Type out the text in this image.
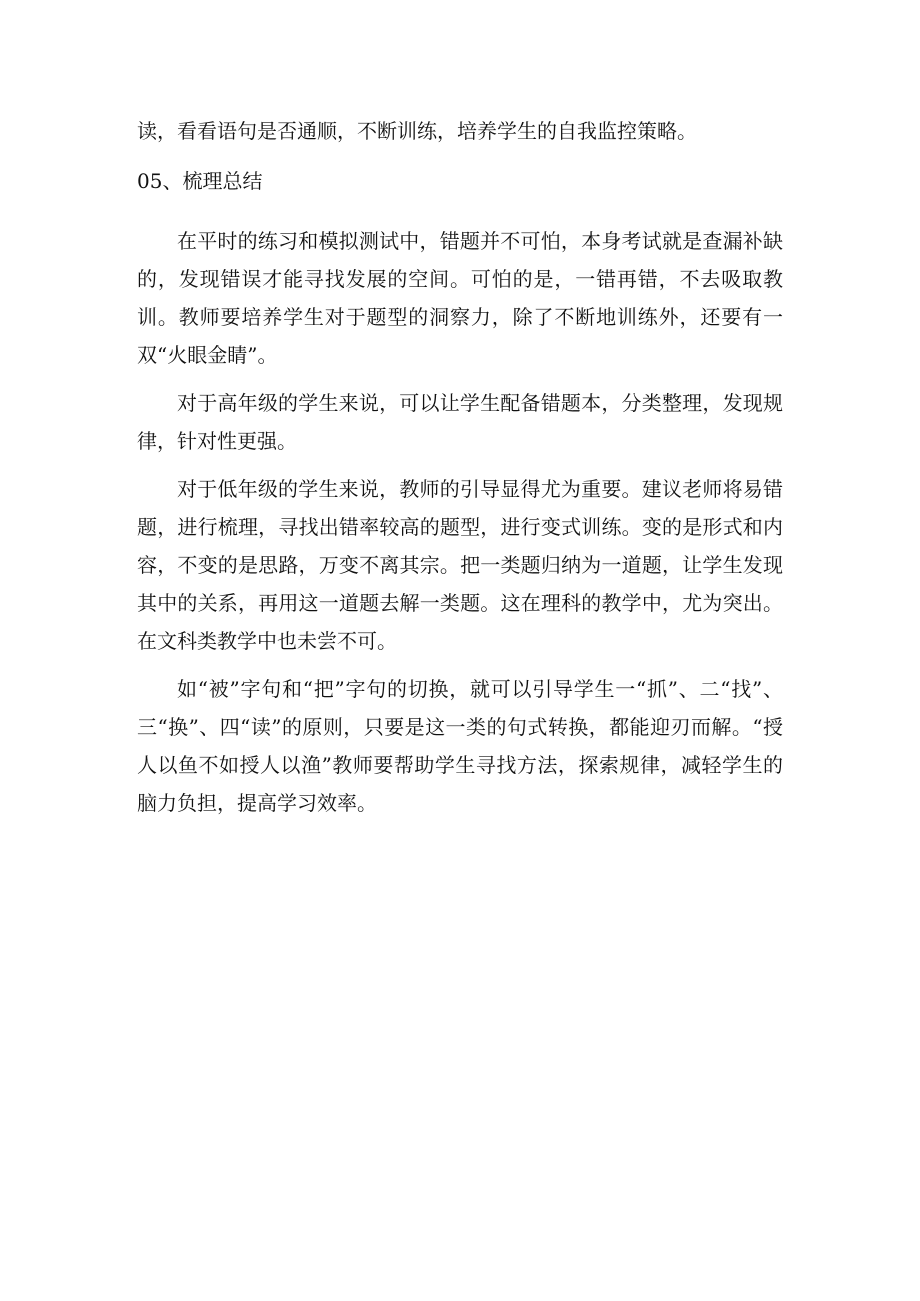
读，看看语句是否通顺，不断训练，培养学生的自我监控策略。

05、梳理总结

在平时的练习和模拟测试中，错题并不可怕，本身考试就是查漏补缺的，发现错误才能寻找发展的空间。可怕的是，一错再错，不去吸取教训。教师要培养学生对于题型的洞察力，除了不断地训练外，还要有一双“火眼金睛”。

对于高年级的学生来说，可以让学生配备错题本，分类整理，发现规律，针对性更强。

对于低年级的学生来说，教师的引导显得尤为重要。建议老师将易错题，进行梳理，寻找出错率较高的题型，进行变式训练。变的是形式和内容，不变的是思路，万变不离其宗。把一类题归纳为一道题，让学生发现其中的关系，再用这一道题去解一类题。这在理科的教学中，尤为突出。在文科类教学中也未尝不可。

如“被”字句和“把”字句的切换，就可以引导学生一“抓”、二“找”、三“换”、四“读”的原则，只要是这一类的句式转换，都能迎刃而解。“授人以鱼不如授人以渔”教师要帮助学生寻找方法，探索规律，减轻学生的脑力负担，提高学习效率。
